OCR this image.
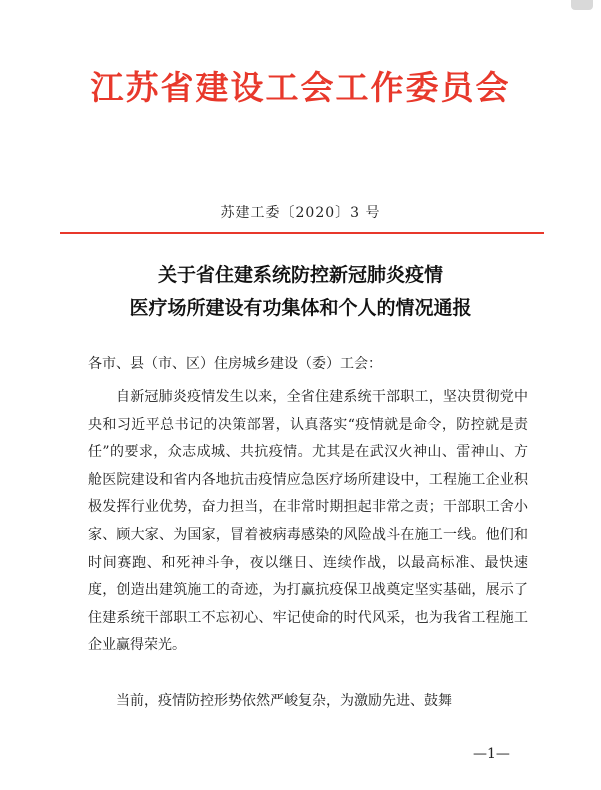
江苏省建设工会工作委员会
苏建工委〔2020〕3 号
关于省住建系统防控新冠肺炎疫情
医疗场所建设有功集体和个人的情况通报
各市、县（市、区）住房城乡建设（委）工会：
自新冠肺炎疫情发生以来，全省住建系统干部职工，坚决贯彻党中央和习近平总书记的决策部署，认真落实“疫情就是命令，防控就是责任”的要求，众志成城、共抗疫情。尤其是在武汉火神山、雷神山、方舱医院建设和省内各地抗击疫情应急医疗场所建设中，工程施工企业积极发挥行业优势，奋力担当，在非常时期担起非常之责；干部职工舍小家、顾大家、为国家，冒着被病毒感染的风险战斗在施工一线。他们和时间赛跑、和死神斗争，夜以继日、连续作战，以最高标准、最快速度，创造出建筑施工的奇迹，为打赢抗疫保卫战奠定坚实基础，展示了住建系统干部职工不忘初心、牢记使命的时代风采，也为我省工程施工企业赢得荣光。
当前，疫情防控形势依然严峻复杂，为激励先进、鼓舞
—1—
